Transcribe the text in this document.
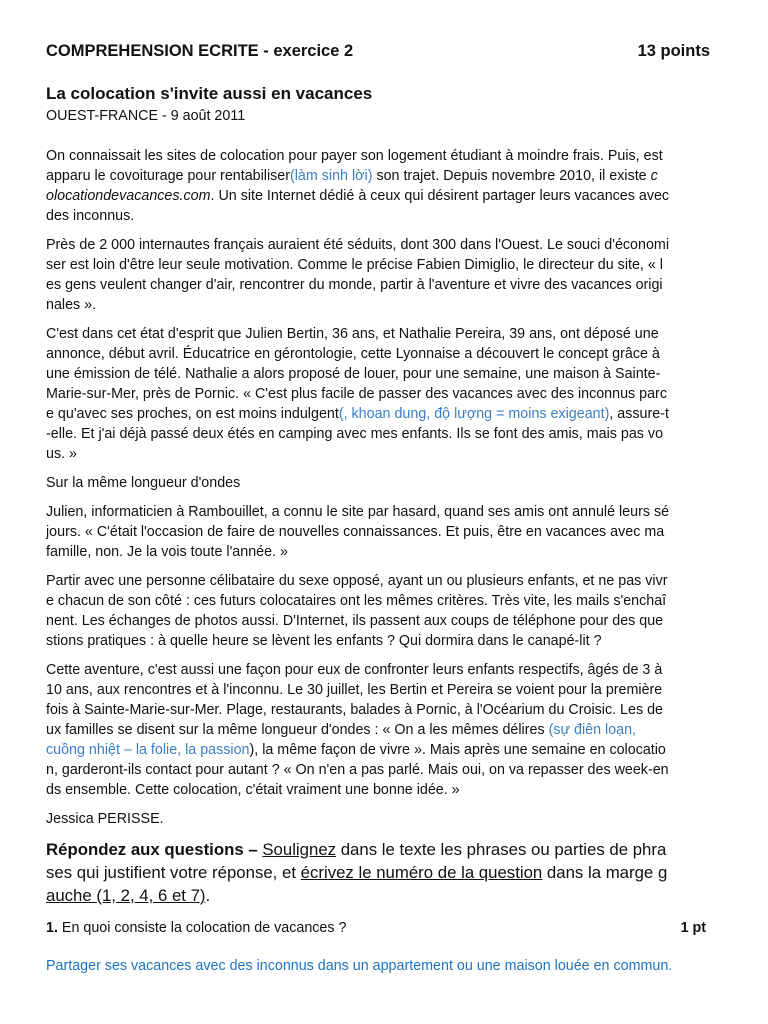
COMPREHENSION ECRITE - exercice 2	13 points
La colocation s'invite aussi en vacances
OUEST-FRANCE - 9 août 2011

On connaissait les sites de colocation pour payer son logement étudiant à moindre frais. Puis, est
apparu le covoiturage pour rentabiliser(làm sinh lời) son trajet. Depuis novembre 2010, il existe c
olocationdevacances.com. Un site Internet dédié à ceux qui désirent partager leurs vacances avec
des inconnus.

Près de 2 000 internautes français auraient été séduits, dont 300 dans l'Ouest. Le souci d'économi
ser est loin d'être leur seule motivation. Comme le précise Fabien Dimiglio, le directeur du site, « l
es gens veulent changer d'air, rencontrer du monde, partir à l'aventure et vivre des vacances origi
nales ».

C'est dans cet état d'esprit que Julien Bertin, 36 ans, et Nathalie Pereira, 39 ans, ont déposé une
annonce, début avril. Éducatrice en gérontologie, cette Lyonnaise a découvert le concept grâce à
une émission de télé. Nathalie a alors proposé de louer, pour une semaine, une maison à Sainte-
Marie-sur-Mer, près de Pornic. « C'est plus facile de passer des vacances avec des inconnus parc
e qu'avec ses proches, on est moins indulgent(, khoan dung, độ lượng = moins exigeant), assure-t
-elle. Et j'ai déjà passé deux étés en camping avec mes enfants. Ils se font des amis, mais pas vo
us. »

Sur la même longueur d'ondes

Julien, informaticien à Rambouillet, a connu le site par hasard, quand ses amis ont annulé leurs sé
jours. « C'était l'occasion de faire de nouvelles connaissances. Et puis, être en vacances avec ma
famille, non. Je la vois toute l'année. »

Partir avec une personne célibataire du sexe opposé, ayant un ou plusieurs enfants, et ne pas vivr
e chacun de son côté : ces futurs colocataires ont les mêmes critères. Très vite, les mails s'enchaî
nent. Les échanges de photos aussi. D'Internet, ils passent aux coups de téléphone pour des que
stions pratiques : à quelle heure se lèvent les enfants ? Qui dormira dans le canapé-lit ?

Cette aventure, c'est aussi une façon pour eux de confronter leurs enfants respectifs, âgés de 3 à
10 ans, aux rencontres et à l'inconnu. Le 30 juillet, les Bertin et Pereira se voient pour la première
fois à Sainte-Marie-sur-Mer. Plage, restaurants, balades à Pornic, à l'Océarium du Croisic. Les de
ux familles se disent sur la même longueur d'ondes : « On a les mêmes délires (sự điên loạn,
cuồng nhiệt – la folie, la passion), la même façon de vivre ». Mais après une semaine en colocatio
n, garderont-ils contact pour autant ? « On n'en a pas parlé. Mais oui, on va repasser des week-en
ds ensemble. Cette colocation, c'était vraiment une bonne idée. »

Jessica PERISSE.

Répondez aux questions – Soulignez dans le texte les phrases ou parties de phra
ses qui justifient votre réponse, et écrivez le numéro de la question dans la marge g
auche (1, 2, 4, 6 et 7).
1. En quoi consiste la colocation de vacances ?	1 pt
Partager ses vacances avec des inconnus dans un appartement ou une maison louée en commun.
